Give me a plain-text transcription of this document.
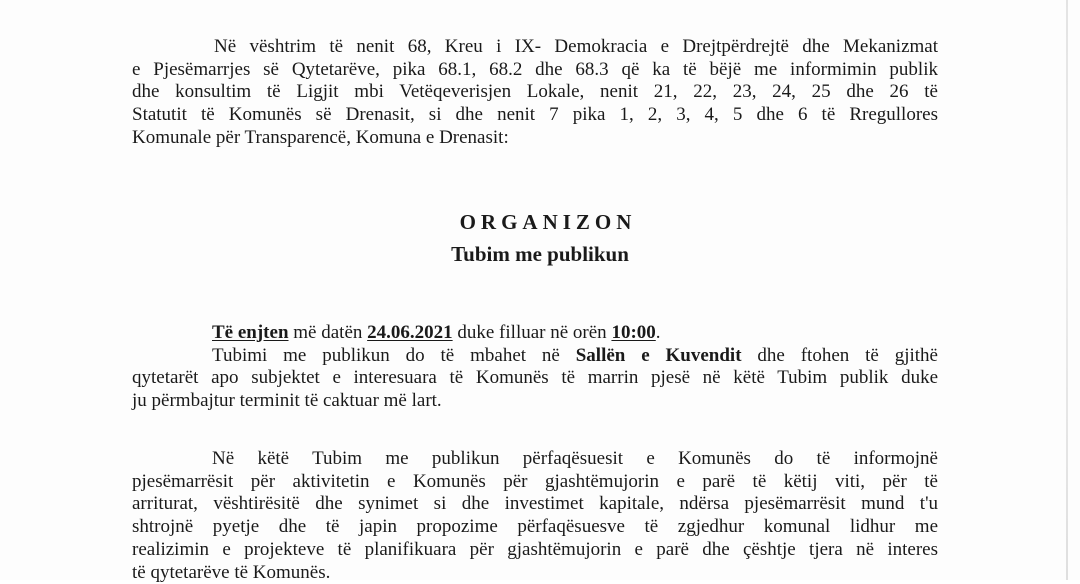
Në vështrim të nenit 68, Kreu i IX- Demokracia e Drejtpërdrejtë dhe Mekanizmat
e Pjesëmarrjes së Qytetarëve, pika 68.1, 68.2 dhe 68.3 që ka të bëjë me informimin publik
dhe konsultim të Ligjit mbi Vetëqeverisjen Lokale, nenit 21, 22, 23, 24, 25 dhe 26 të
Statutit të Komunës së Drenasit, si dhe nenit 7 pika 1, 2, 3, 4, 5 dhe 6 të Rregullores
Komunale për Transparencë, Komuna e Drenasit:
ORGANIZON
Tubim me publikun
Të enjten më datën 24.06.2021 duke filluar në orën 10:00.
Tubimi me publikun do të mbahet në Sallën e Kuvendit dhe ftohen të gjithë
qytetarët apo subjektet e interesuara të Komunës të marrin pjesë në këtë Tubim publik duke
ju përmbajtur terminit të caktuar më lart.
Në këtë Tubim me publikun përfaqësuesit e Komunës do të informojnë
pjesëmarrësit për aktivitetin e Komunës për gjashtëmujorin e parë të këtij viti, për të
arriturat, vështirësitë dhe synimet si dhe investimet kapitale, ndërsa pjesëmarrësit mund t'u
shtrojnë pyetje dhe të japin propozime përfaqësuesve të zgjedhur komunal lidhur me
realizimin e projekteve të planifikuara për gjashtëmujorin e parë dhe çështje tjera në interes
të qytetarëve të Komunës.
